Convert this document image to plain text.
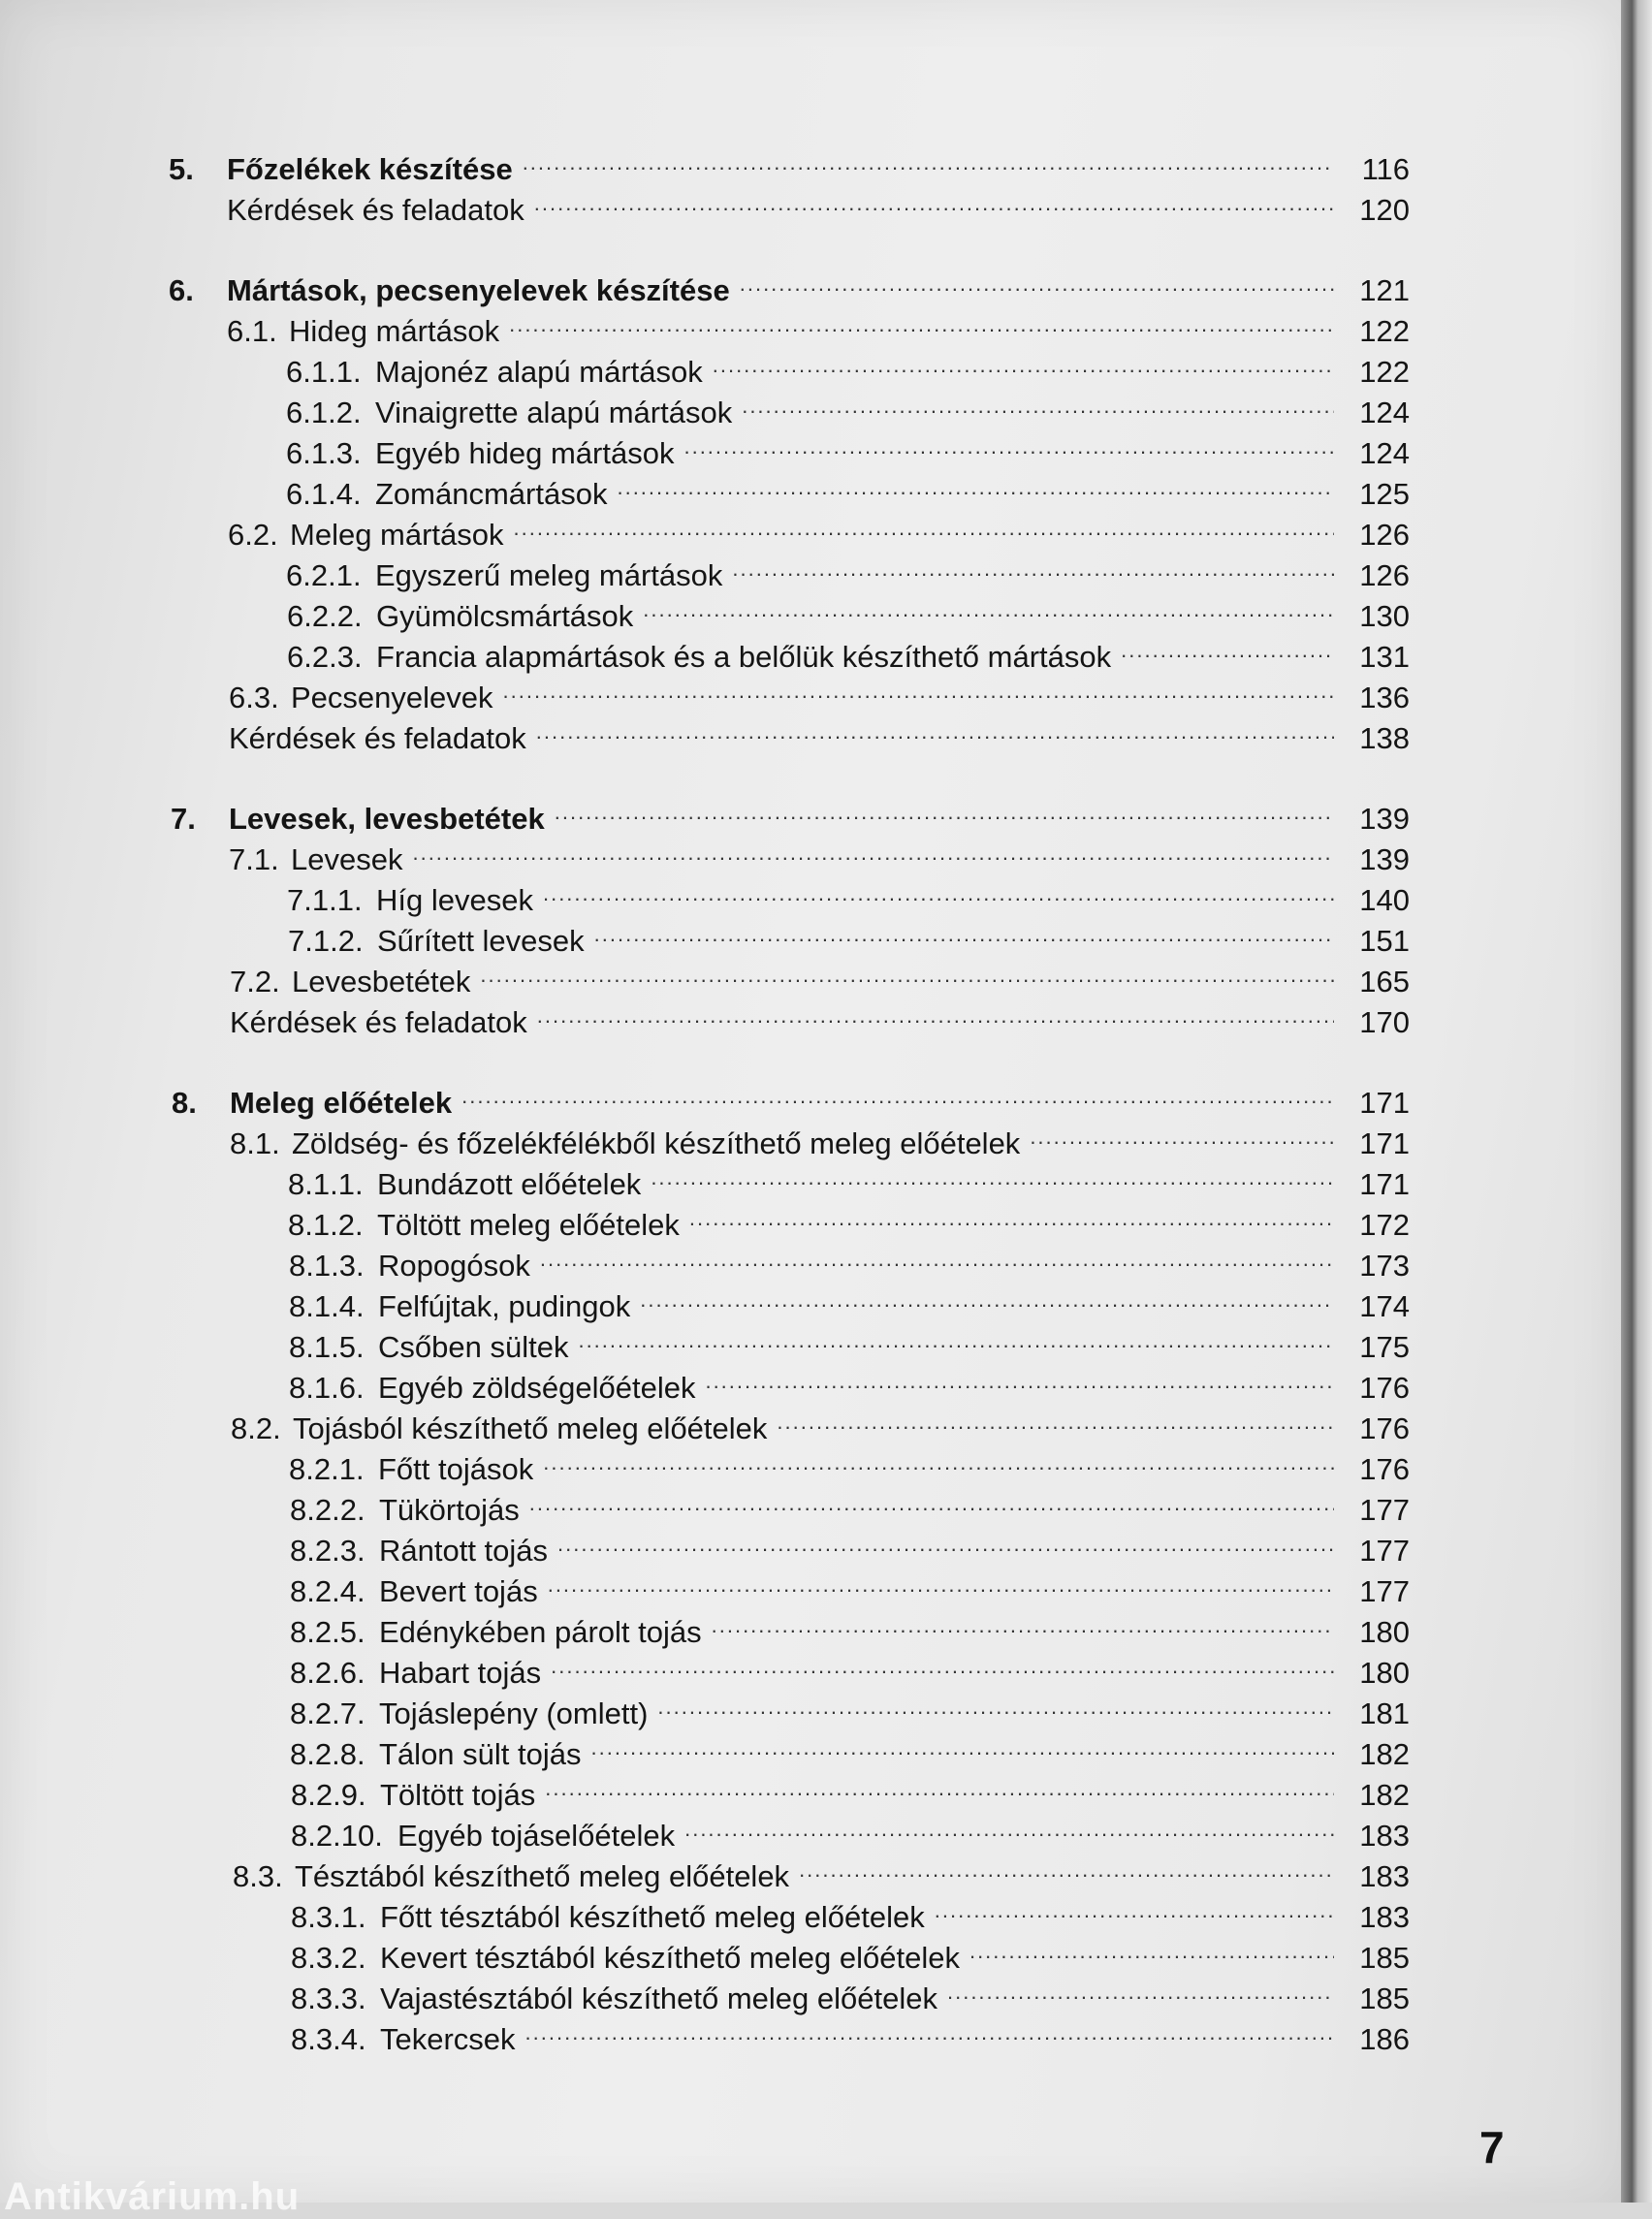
5.	Főzelékek készítése .....	116
Kérdések és feladatok .....	120
6.	Mártások, pecsenyelevek készítése .....	121
6.1. Hideg mártások .....	122
6.1.1. Majonéz alapú mártások .....	122
6.1.2. Vinaigrette alapú mártások .....	124
6.1.3. Egyéb hideg mártások .....	124
6.1.4. Zománcmártások .....	125
6.2. Meleg mártások .....	126
6.2.1. Egyszerű meleg mártások .....	126
6.2.2. Gyümölcsmártások .....	130
6.2.3. Francia alapmártások és a belőlük készíthető mártások .....	131
6.3. Pecsenyelevek .....	136
Kérdések és feladatok .....	138
7.	Levesek, levesbetétek .....	139
7.1. Levesek .....	139
7.1.1. Híg levesek .....	140
7.1.2. Sűrített levesek .....	151
7.2. Levesbetétek .....	165
Kérdések és feladatok .....	170
8.	Meleg előételek .....	171
8.1. Zöldség- és főzelékfélékből készíthető meleg előételek .....	171
8.1.1. Bundázott előételek .....	171
8.1.2. Töltött meleg előételek .....	172
8.1.3. Ropogósok .....	173
8.1.4. Felfújtak, pudingok .....	174
8.1.5. Csőben sültek .....	175
8.1.6. Egyéb zöldségelőételek .....	176
8.2. Tojásból készíthető meleg előételek .....	176
8.2.1. Főtt tojások .....	176
8.2.2. Tükörtojás .....	177
8.2.3. Rántott tojás .....	177
8.2.4. Bevert tojás .....	177
8.2.5. Edénykében párolt tojás .....	180
8.2.6. Habart tojás .....	180
8.2.7. Tojáslepény (omlett) .....	181
8.2.8. Tálon sült tojás .....	182
8.2.9. Töltött tojás .....	182
8.2.10. Egyéb tojáselőételek .....	183
8.3. Tésztából készíthető meleg előételek .....	183
8.3.1. Főtt tésztából készíthető meleg előételek .....	183
8.3.2. Kevert tésztából készíthető meleg előételek .....	185
8.3.3. Vajastésztából készíthető meleg előételek .....	185
8.3.4. Tekercsek .....	186
7
Antikvárium.hu
